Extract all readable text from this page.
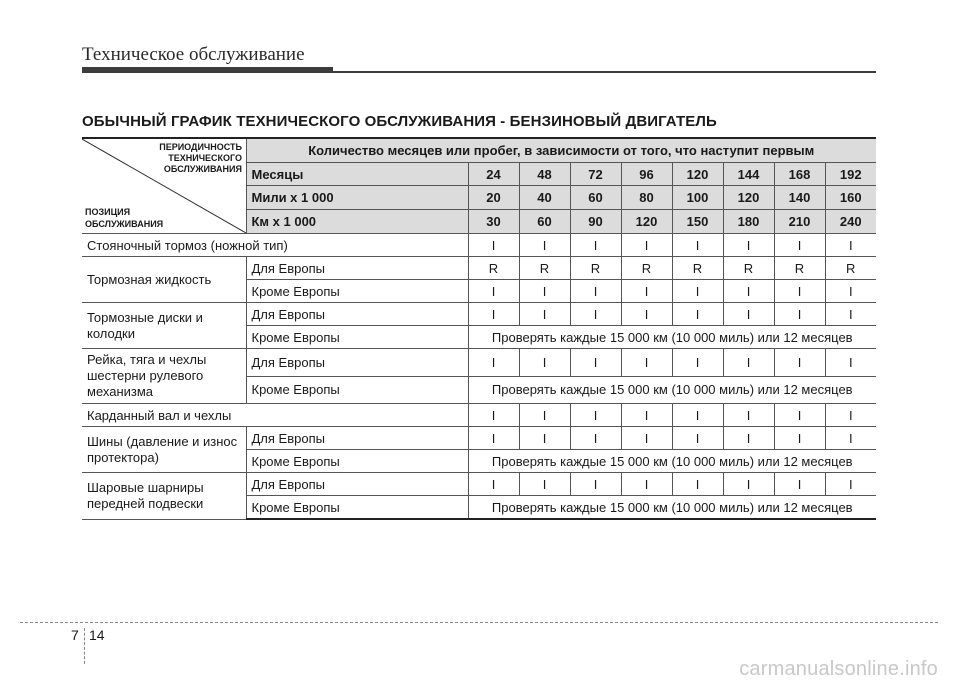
Техническое обслуживание
ОБЫЧНЫЙ ГРАФИК ТЕХНИЧЕСКОГО ОБСЛУЖИВАНИЯ - БЕНЗИНОВЫЙ ДВИГАТЕЛЬ
ПЕРИОДИЧНОСТЬ
ТЕХНИЧЕСКОГО
ОБСЛУЖИВАНИЯ
ПОЗИЦИЯ
ОБСЛУЖИВАНИЯ	Количество месяцев или пробег, в зависимости от того, что наступит первым								
	Месяцы	24	48	72	96	120	144	168	192
	Мили x 1 000	20	40	60	80	100	120	140	160
	Км x 1 000	30	60	90	120	150	180	210	240
Стояночный тормоз (ножной тип)		I	I	I	I	I	I	I	I
Тормозная жидкость	Для Европы	R	R	R	R	R	R	R	R
	Кроме Европы	I	I	I	I	I	I	I	I
Тормозные диски и колодки	Для Европы	I	I	I	I	I	I	I	I
	Кроме Европы	Проверять каждые 15 000 км (10 000 миль) или 12 месяцев							
Рейка, тяга и чехлы шестерни рулевого механизма	Для Европы	I	I	I	I	I	I	I	I
	Кроме Европы	Проверять каждые 15 000 км (10 000 миль) или 12 месяцев							
Карданный вал и чехлы		I	I	I	I	I	I	I	I
Шины (давление и износ протектора)	Для Европы	I	I	I	I	I	I	I	I
	Кроме Европы	Проверять каждые 15 000 км (10 000 миль) или 12 месяцев							
Шаровые шарниры передней подвески	Для Европы	I	I	I	I	I	I	I	I
	Кроме Европы	Проверять каждые 15 000 км (10 000 миль) или 12 месяцев							
7 14
carmanualsonline.info
